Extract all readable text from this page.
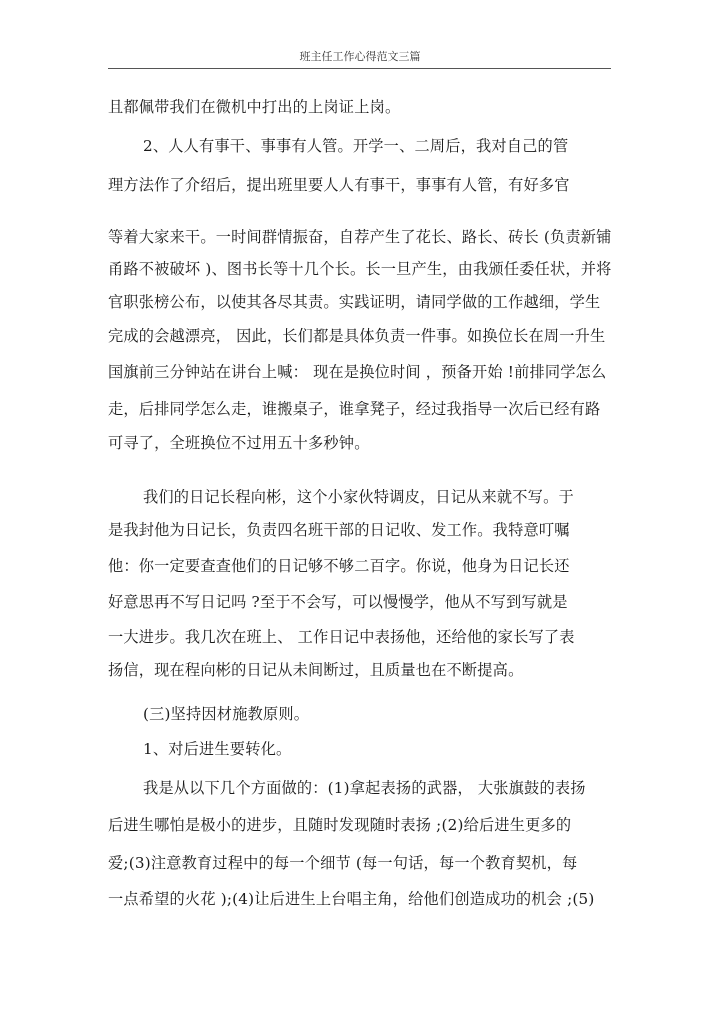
班主任工作心得范文三篇
且都佩带我们在微机中打出的上岗证上岗。
2、人人有事干、事事有人管。开学一、二周后，我对自己的管
理方法作了介绍后，提出班里要人人有事干，事事有人管，有好多官
等着大家来干。一时间群情振奋，自荐产生了花长、路长、砖长 (负责新铺
甬路不被破坏 )、图书长等十几个长。长一旦产生，由我颁任委任状，并将
官职张榜公布，以使其各尽其责。实践证明，请同学做的工作越细，学生
完成的会越漂亮， 因此，长们都是具体负责一件事。如换位长在周一升生
国旗前三分钟站在讲台上喊： 现在是换位时间 ，预备开始 !前排同学怎么
走，后排同学怎么走，谁搬桌子，谁拿凳子，经过我指导一次后已经有路
可寻了，全班换位不过用五十多秒钟。
我们的日记长程向彬，这个小家伙特调皮，日记从来就不写。于
是我封他为日记长，负责四名班干部的日记收、发工作。我特意叮嘱
他：你一定要查查他们的日记够不够二百字。你说，他身为日记长还
好意思再不写日记吗 ?至于不会写，可以慢慢学，他从不写到写就是
一大进步。我几次在班上、 工作日记中表扬他，还给他的家长写了表
扬信，现在程向彬的日记从未间断过，且质量也在不断提高。
(三)坚持因材施教原则。
1、对后进生要转化。
我是从以下几个方面做的：(1)拿起表扬的武器， 大张旗鼓的表扬
后进生哪怕是极小的进步，且随时发现随时表扬 ;(2)给后进生更多的
爱;(3)注意教育过程中的每一个细节 (每一句话，每一个教育契机，每
一点希望的火花 );(4)让后进生上台唱主角，给他们创造成功的机会 ;(5)
